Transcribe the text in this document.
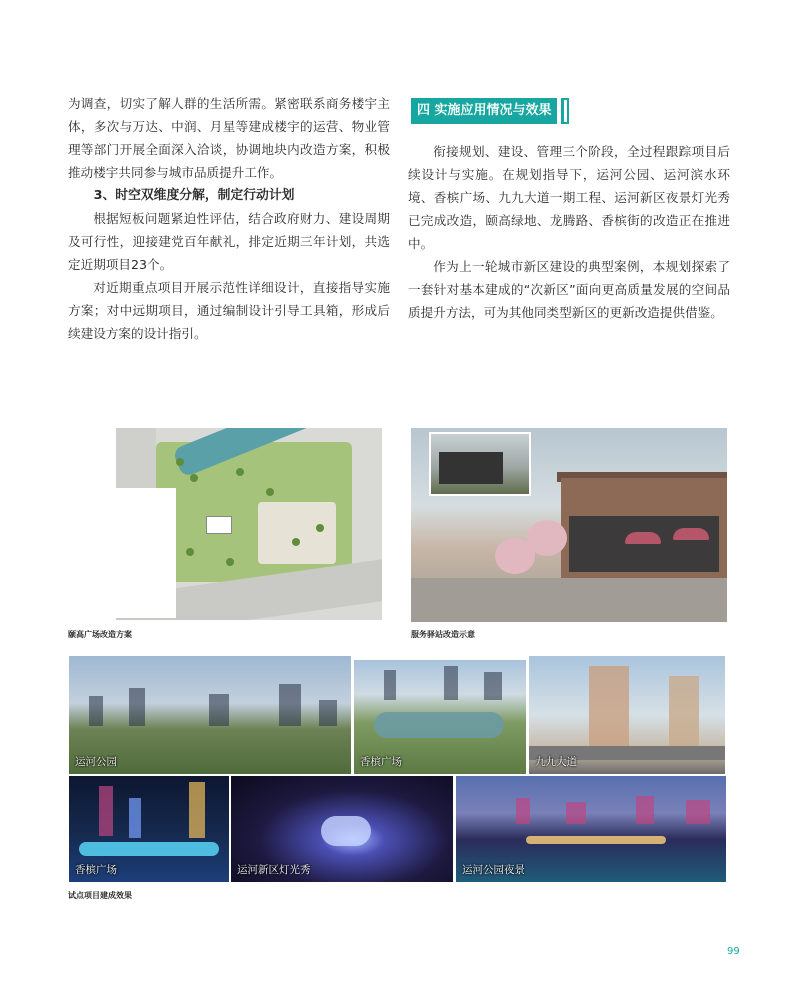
为调查，切实了解人群的生活所需。紧密联系商务楼宇主体，多次与万达、中润、月星等建成楼宇的运营、物业管理等部门开展全面深入洽谈，协调地块内改造方案，积极推动楼宇共同参与城市品质提升工作。

3、时空双维度分解，制定行动计划

根据短板问题紧迫性评估，结合政府财力、建设周期及可行性，迎接建党百年献礼，排定近期三年计划，共选定近期项目23个。

对近期重点项目开展示范性详细设计，直接指导实施方案；对中远期项目，通过编制设计引导工具箱，形成后续建设方案的设计指引。

四 实施应用情况与效果

衔接规划、建设、管理三个阶段，全过程跟踪项目后续设计与实施。在规划指导下，运河公园、运河滨水环境、香槟广场、九九大道一期工程、运河新区夜景灯光秀已完成改造，颐高绿地、龙腾路、香槟街的改造正在推进中。

作为上一轮城市新区建设的典型案例，本规划探索了一套针对基本建成的“次新区”面向更高质量发展的空间品质提升方法，可为其他同类型新区的更新改造提供借鉴。

颐高广场改造方案	服务驿站改造示意
运河公园	香槟广场	九九大道
香槟广场	运河新区灯光秀	运河公园夜景
试点项目建成效果
99
